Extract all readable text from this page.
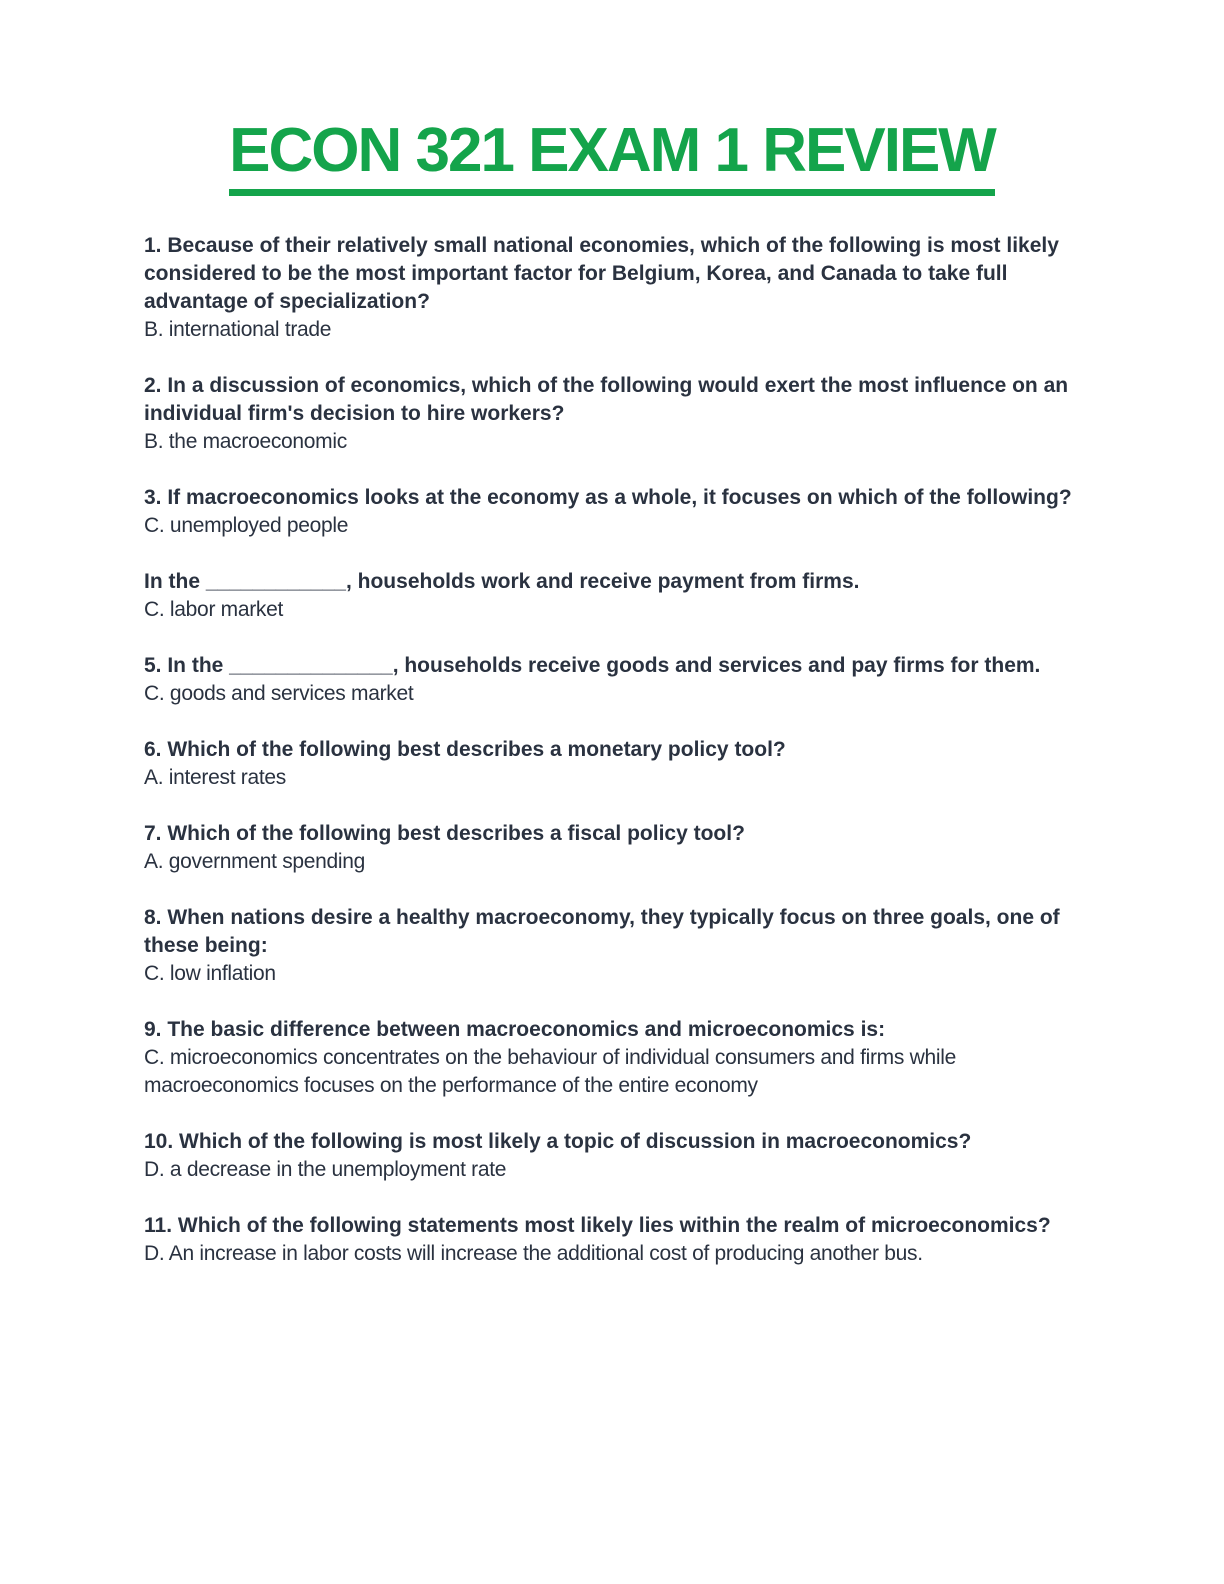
ECON 321 EXAM 1 REVIEW

1. Because of their relatively small national economies, which of the following is most likely considered to be the most important factor for Belgium, Korea, and Canada to take full advantage of specialization?

B. international trade

2. In a discussion of economics, which of the following would exert the most influence on an individual firm's decision to hire workers?

B. the macroeconomic

3. If macroeconomics looks at the economy as a whole, it focuses on which of the following?

C. unemployed people

In the ____________, households work and receive payment from firms.

C. labor market

5. In the ______________, households receive goods and services and pay firms for them.

C. goods and services market

6. Which of the following best describes a monetary policy tool?

A. interest rates

7. Which of the following best describes a fiscal policy tool?

A. government spending

8. When nations desire a healthy macroeconomy, they typically focus on three goals, one of these being:

C. low inflation

9. The basic difference between macroeconomics and microeconomics is:

C. microeconomics concentrates on the behaviour of individual consumers and firms while macroeconomics focuses on the performance of the entire economy

10. Which of the following is most likely a topic of discussion in macroeconomics?

D. a decrease in the unemployment rate

11. Which of the following statements most likely lies within the realm of microeconomics?

D. An increase in labor costs will increase the additional cost of producing another bus.
